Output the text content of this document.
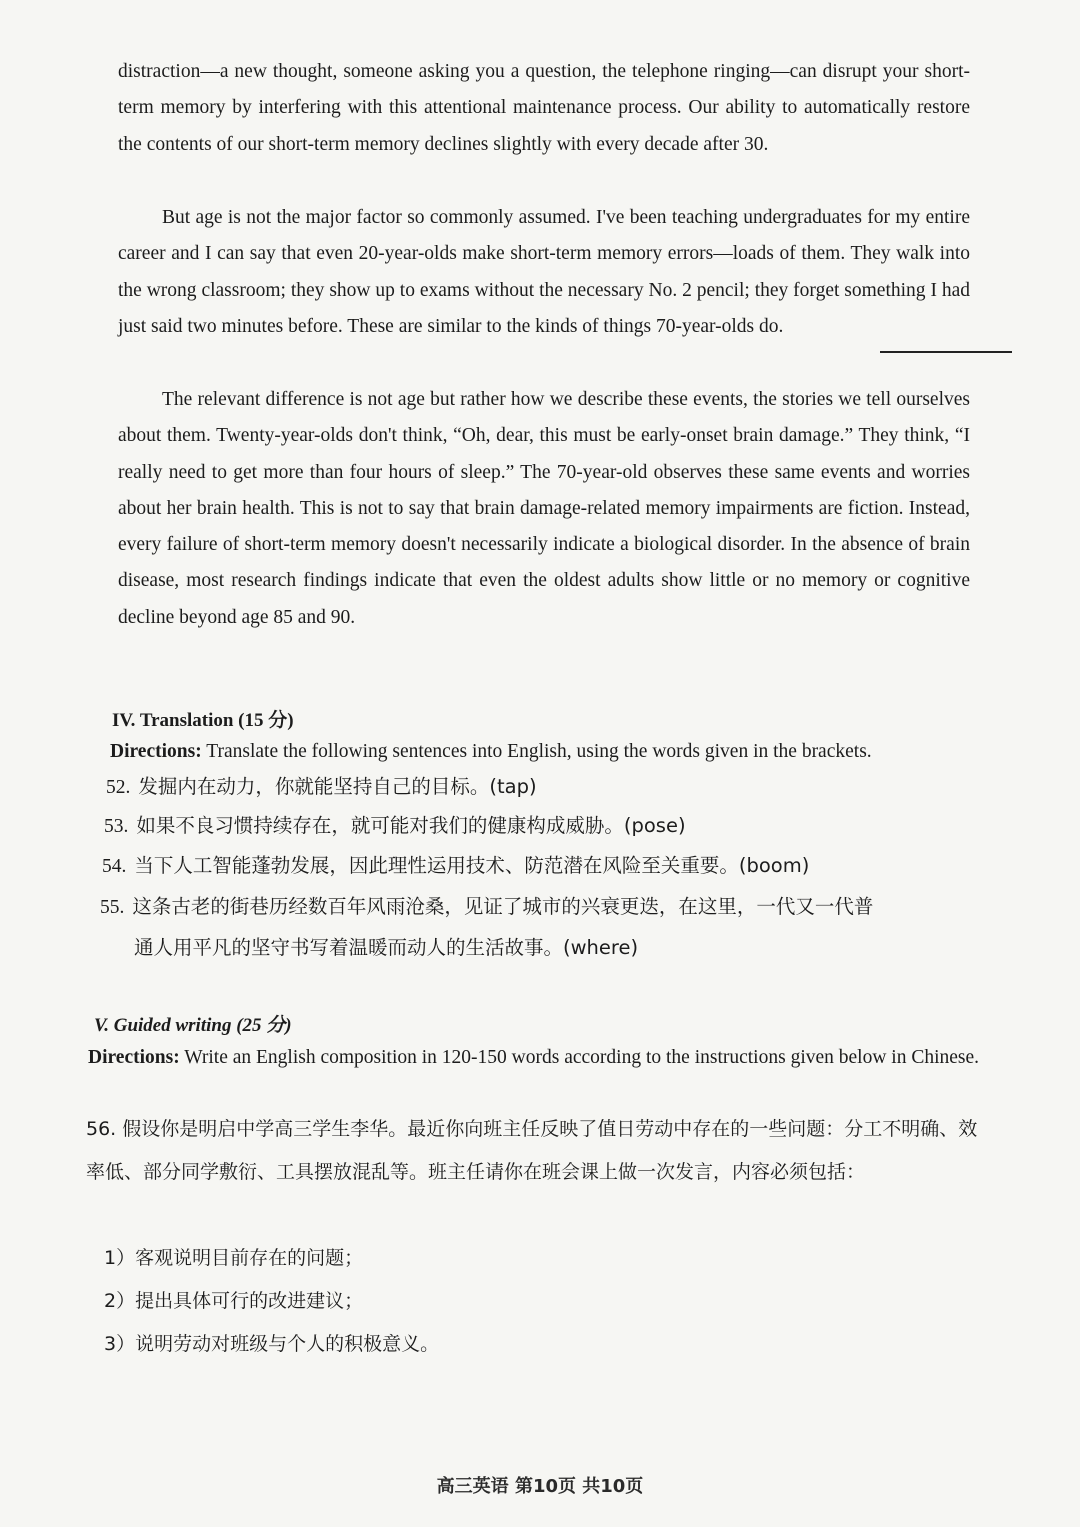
distraction—a new thought, someone asking you a question, the telephone ringing—can disrupt your short-term memory by interfering with this attentional maintenance process. Our ability to automatically restore the contents of our short-term memory declines slightly with every decade after 30.

But age is not the major factor so commonly assumed. I've been teaching undergraduates for my entire career and I can say that even 20-year-olds make short-term memory errors—loads of them. They walk into the wrong classroom; they show up to exams without the necessary No. 2 pencil; they forget something I had just said two minutes before. These are similar to the kinds of things 70-year-olds do.

The relevant difference is not age but rather how we describe these events, the stories we tell ourselves about them. Twenty-year-olds don't think, “Oh, dear, this must be early-onset brain damage.” They think, “I really need to get more than four hours of sleep.” The 70-year-old observes these same events and worries about her brain health. This is not to say that brain damage-related memory impairments are fiction. Instead, every failure of short-term memory doesn't necessarily indicate a biological disorder. In the absence of brain disease, most research findings indicate that even the oldest adults show little or no memory or cognitive decline beyond age 85 and 90.

IV. Translation (15 分)

Directions: Translate the following sentences into English, using the words given in the brackets.

52. 发掘内在动力，你就能坚持自己的目标。(tap)

53. 如果不良习惯持续存在，就可能对我们的健康构成威胁。(pose)

54. 当下人工智能蓬勃发展，因此理性运用技术、防范潜在风险至关重要。(boom)

55. 这条古老的街巷历经数百年风雨沧桑，见证了城市的兴衰更迭，在这里，一代又一代普

通人用平凡的坚守书写着温暖而动人的生活故事。(where)

V. Guided writing (25 分)

Directions: Write an English composition in 120-150 words according to the instructions given below in Chinese.

56. 假设你是明启中学高三学生李华。最近你向班主任反映了值日劳动中存在的一些问题：分工不明确、效率低、部分同学敷衍、工具摆放混乱等。班主任请你在班会课上做一次发言，内容必须包括：

1）客观说明目前存在的问题；

2）提出具体可行的改进建议；

3）说明劳动对班级与个人的积极意义。

高三英语 第10页 共10页
